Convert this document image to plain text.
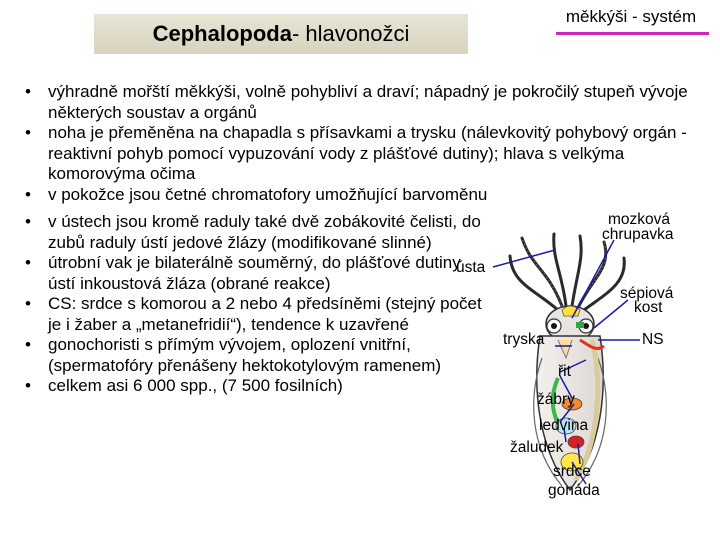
Cephalopoda - hlavonožci
měkkýši - systém
• výhradně mořští měkkýši, volně pohybliví a draví; nápadný je pokročilý stupeň vývoje některých soustav a orgánů
• noha je přeměněna na chapadla s přísavkami a trysku (nálevkovitý pohybový orgán - reaktivní pohyb pomocí vypuzování vody z plášťové dutiny); hlava s velkýma komorovýma očima
• v pokožce jsou četné chromatofory umožňující barvoměnu
• v ústech jsou kromě raduly také dvě zobákovité čelisti, do zubů raduly ústí jedové žlázy (modifikované slinné)
• útrobní vak je bilaterálně souměrný, do plášťové dutiny ústí inkoustová žláza (obrané reakce)
• CS: srdce s komorou a 2 nebo 4 předsíněmi (stejný počet je i žaber a „metanefridií“), tendence k uzavřené
• gonochoristi s přímým vývojem, oplození vnitřní, (spermatofóry přenášeny hektokotylovým ramenem)
• celkem asi 6 000 spp., (7 500 fosilních)
mozková
chrupavka
ústa
sépiová
kost
NS
tryska
řit
žábry
ledvina
žaludek
srdce
gonáda
